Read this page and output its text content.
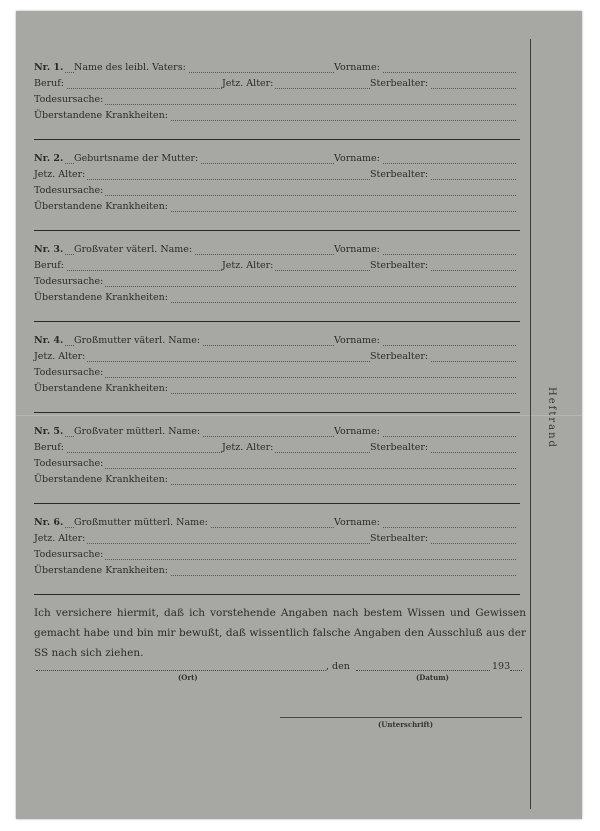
Heftrand
Nr. 1. Name des leibl. Vaters:	Vorname:
Beruf:	Jetz. Alter:	Sterbealter:
Todesursache:
Überstandene Krankheiten:
Nr. 2. Geburtsname der Mutter:	Vorname:
Jetz. Alter:	Sterbealter:
Todesursache:
Überstandene Krankheiten:
Nr. 3. Großvater väterl. Name:	Vorname:
Beruf:	Jetz. Alter:	Sterbealter:
Todesursache:
Überstandene Krankheiten:
Nr. 4. Großmutter väterl. Name:	Vorname:
Jetz. Alter:	Sterbealter:
Todesursache:
Überstandene Krankheiten:
Nr. 5. Großvater mütterl. Name:	Vorname:
Beruf:	Jetz. Alter:	Sterbealter:
Todesursache:
Überstandene Krankheiten:
Nr. 6. Großmutter mütterl. Name:	Vorname:
Jetz. Alter:	Sterbealter:
Todesursache:
Überstandene Krankheiten:
Ich versichere hiermit, daß ich vorstehende Angaben nach bestem Wissen und Gewissen gemacht habe und bin mir bewußt, daß wissentlich falsche Angaben den Ausschluß aus der SS nach sich ziehen.
, den	193
(Ort)	(Datum)
(Unterschrift)
